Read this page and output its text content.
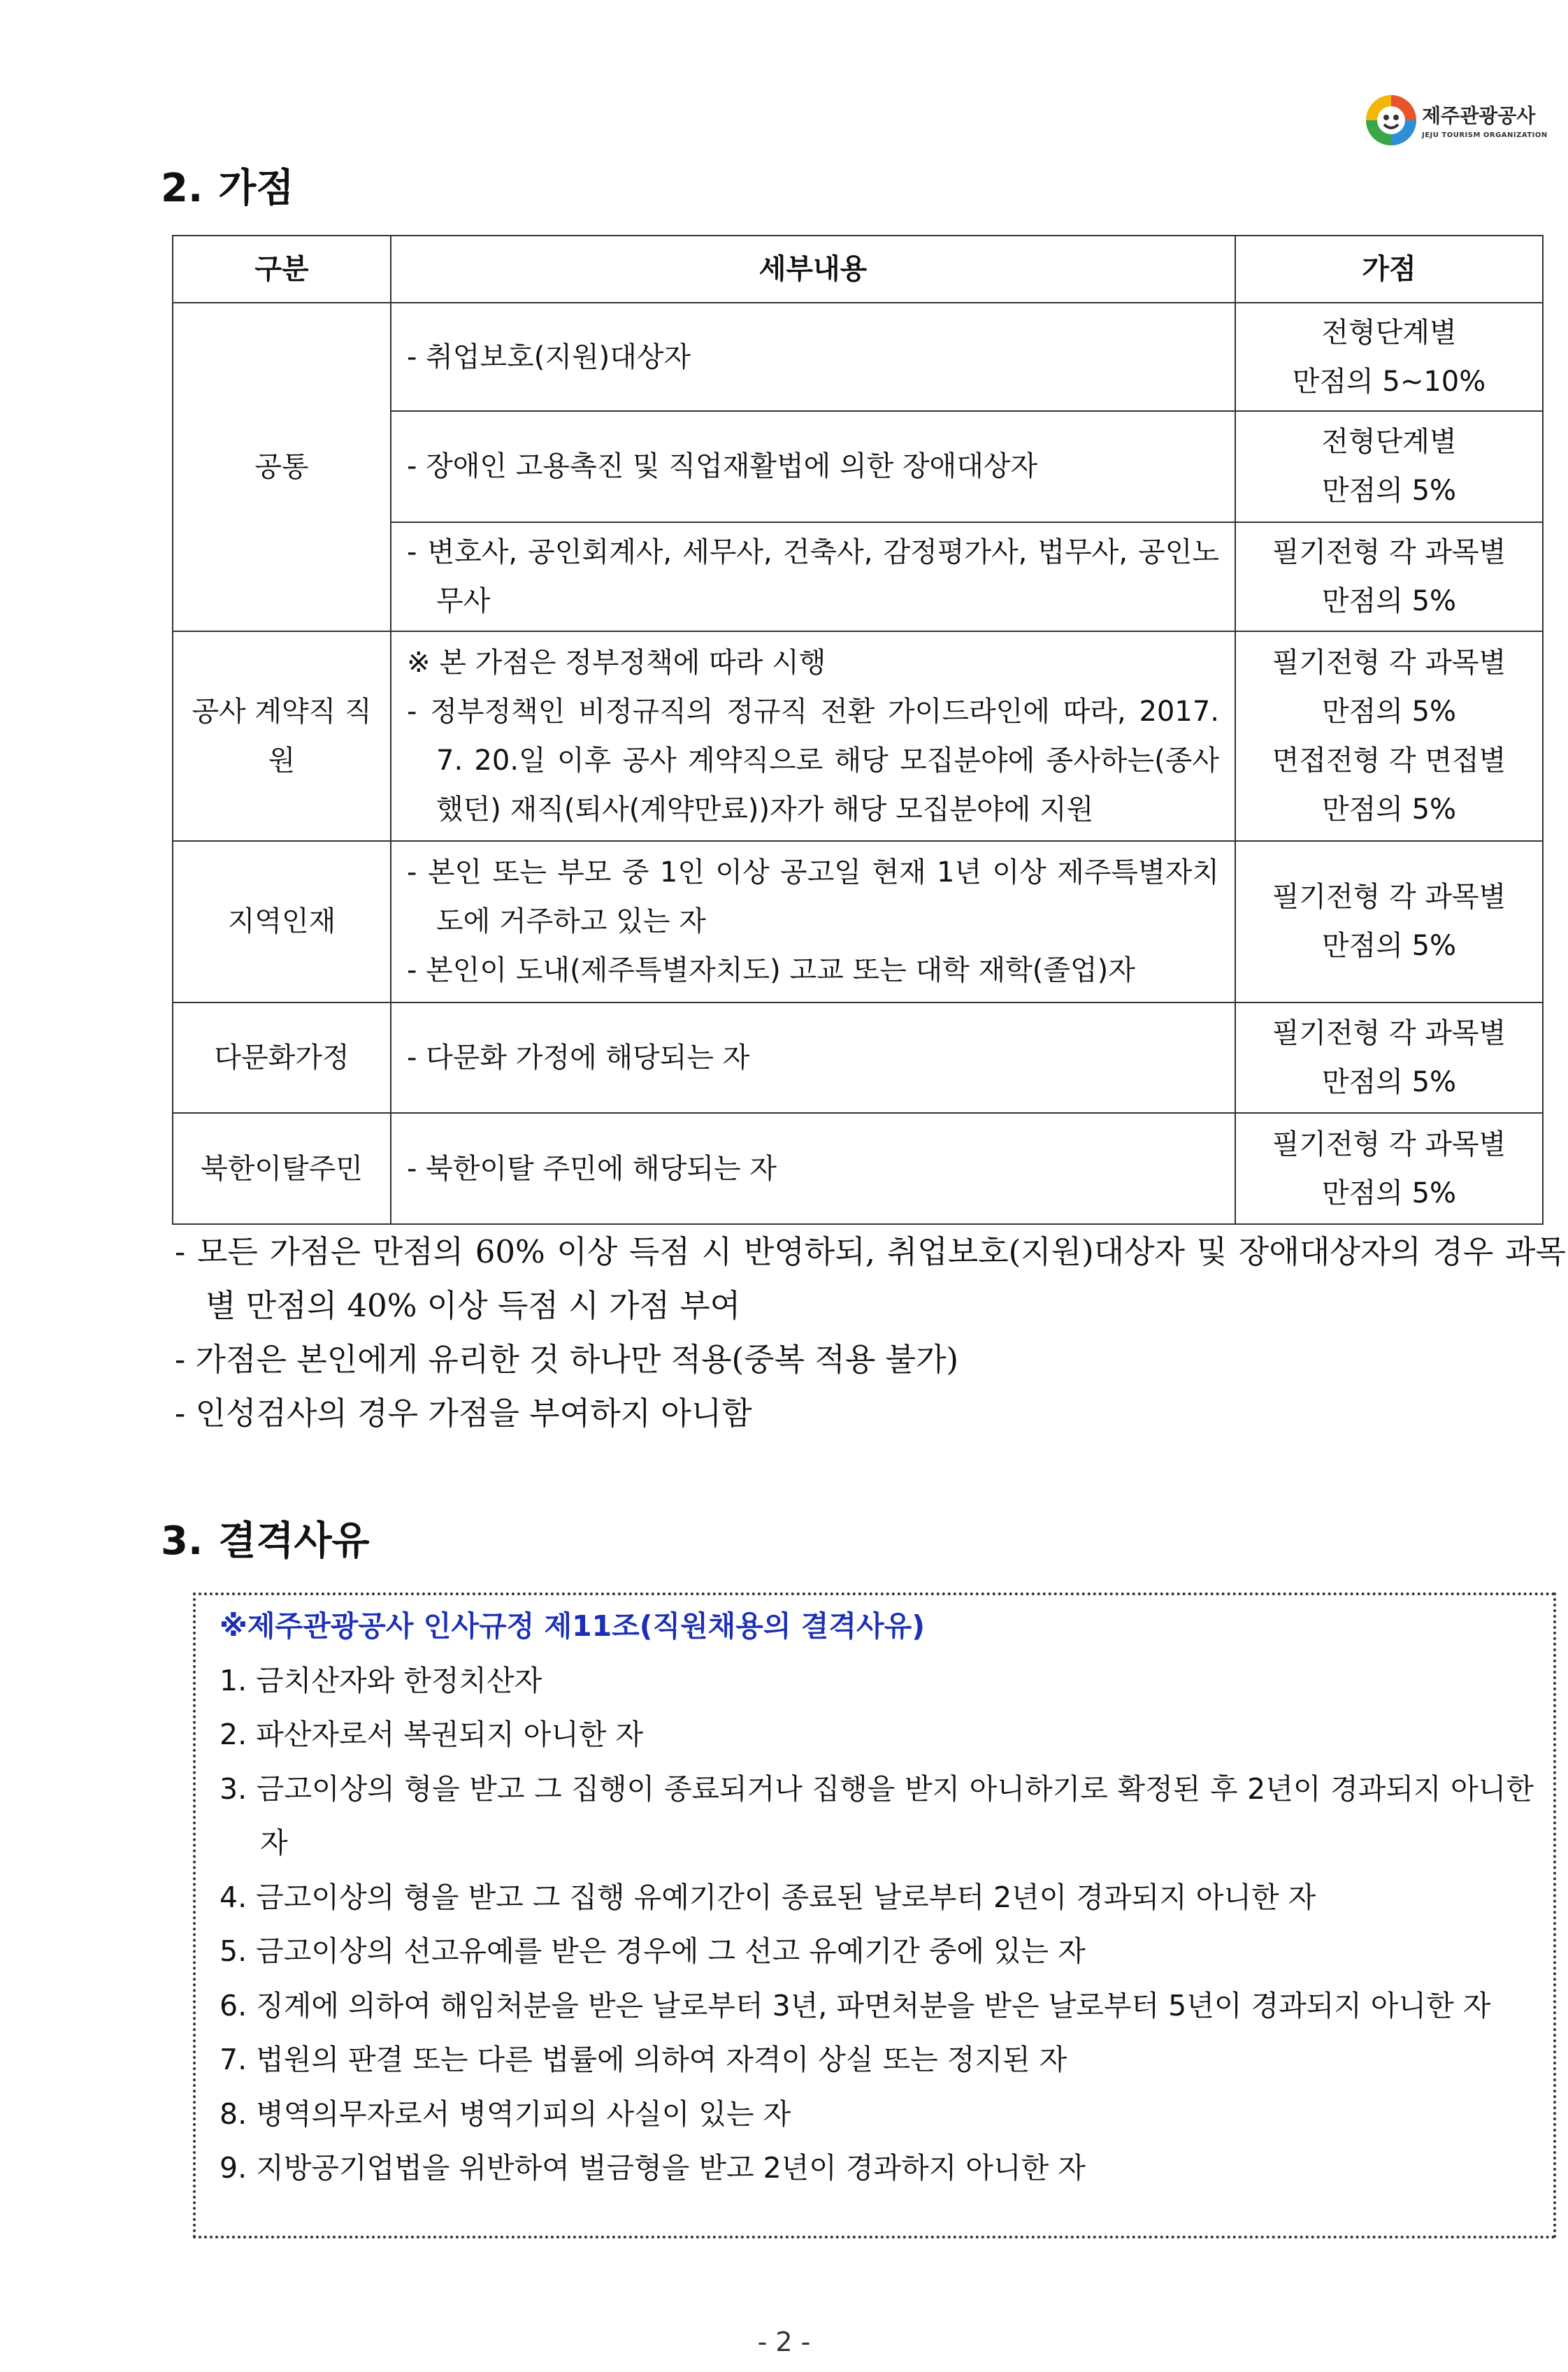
제주관광공사
JEJU TOURISM ORGANIZATION
2. 가점
구분	세부내용	가점
공통	- 취업보호(지원)대상자	전형단계별
만점의 5~10%

	- 장애인 고용촉진 및 직업재활법에 의한 장애대상자	전형단계별
만점의 5%

	- 변호사, 공인회계사, 세무사, 건축사, 감정평가사, 법무사, 공인노무사	필기전형 각 과목별
만점의 5%

공사 계약직 직원	※ 본 가점은 정부정책에 따라 시행
- 정부정책인 비정규직의 정규직 전환 가이드라인에 따라, 2017. 7. 20.일 이후 공사 계약직으로 해당 모집분야에 종사하는(종사했던) 재직(퇴사(계약만료))자가 해당 모집분야에 지원	필기전형 각 과목별
만점의 5%
면접전형 각 면접별
만점의 5%

지역인재	- 본인 또는 부모 중 1인 이상 공고일 현재 1년 이상 제주특별자치도에 거주하고 있는 자
- 본인이 도내(제주특별자치도) 고교 또는 대학 재학(졸업)자	필기전형 각 과목별
만점의 5%

다문화가정	- 다문화 가정에 해당되는 자	필기전형 각 과목별
만점의 5%

북한이탈주민	- 북한이탈 주민에 해당되는 자	필기전형 각 과목별
만점의 5%
- 모든 가점은 만점의 60% 이상 득점 시 반영하되, 취업보호(지원)대상자 및 장애대상자의 경우 과목별 만점의 40% 이상 득점 시 가점 부여
- 가점은 본인에게 유리한 것 하나만 적용(중복 적용 불가)
- 인성검사의 경우 가점을 부여하지 아니함
3. 결격사유
※제주관광공사 인사규정 제11조(직원채용의 결격사유)
1. 금치산자와 한정치산자
2. 파산자로서 복권되지 아니한 자
3. 금고이상의 형을 받고 그 집행이 종료되거나 집행을 받지 아니하기로 확정된 후 2년이 경과되지 아니한 자
4. 금고이상의 형을 받고 그 집행 유예기간이 종료된 날로부터 2년이 경과되지 아니한 자
5. 금고이상의 선고유예를 받은 경우에 그 선고 유예기간 중에 있는 자
6. 징계에 의하여 해임처분을 받은 날로부터 3년, 파면처분을 받은 날로부터 5년이 경과되지 아니한 자
7. 법원의 판결 또는 다른 법률에 의하여 자격이 상실 또는 정지된 자
8. 병역의무자로서 병역기피의 사실이 있는 자
9. 지방공기업법을 위반하여 벌금형을 받고 2년이 경과하지 아니한 자
- 2 -
